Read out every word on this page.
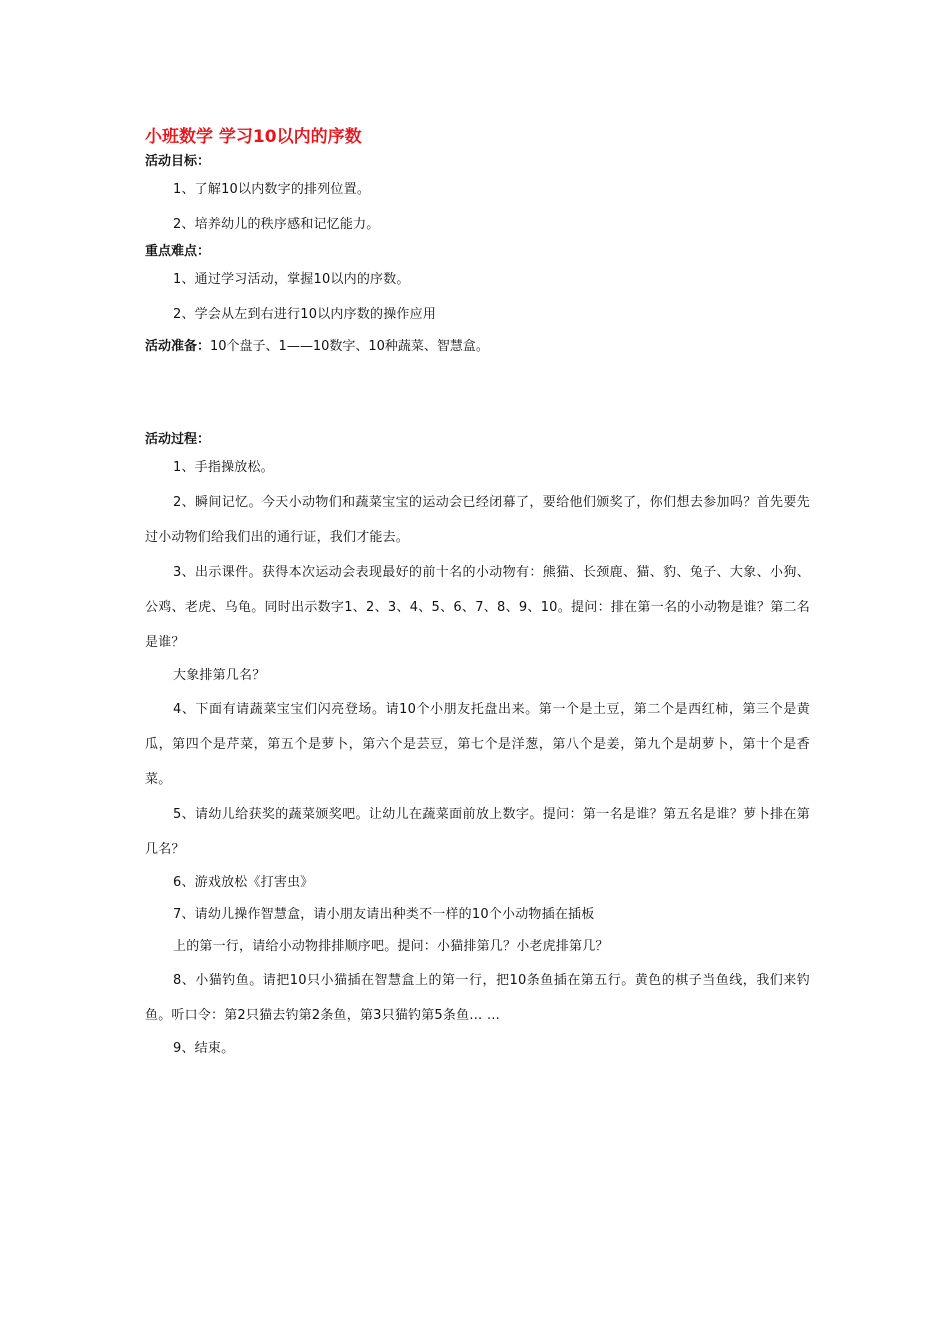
小班数学 学习10以内的序数

活动目标：

1、了解10以内数字的排列位置。

2、培养幼儿的秩序感和记忆能力。

重点难点：

1、通过学习活动，掌握10以内的序数。

2、学会从左到右进行10以内序数的操作应用

活动准备：10个盘子、1——10数字、10种蔬菜、智慧盒。

活动过程：

1、手指操放松。

2、瞬间记忆。今天小动物们和蔬菜宝宝的运动会已经闭幕了，要给他们颁奖了，你们想去参加吗？首先要先过小动物们给我们出的通行证，我们才能去。

3、出示课件。获得本次运动会表现最好的前十名的小动物有：熊猫、长颈鹿、猫、豹、兔子、大象、小狗、公鸡、老虎、乌龟。同时出示数字1、2、3、4、5、6、7、8、9、10。提问：排在第一名的小动物是谁？第二名是谁？

大象排第几名？

4、下面有请蔬菜宝宝们闪亮登场。请10个小朋友托盘出来。第一个是土豆，第二个是西红柿，第三个是黄瓜，第四个是芹菜，第五个是萝卜，第六个是芸豆，第七个是洋葱，第八个是姜，第九个是胡萝卜，第十个是香菜。

5、请幼儿给获奖的蔬菜颁奖吧。让幼儿在蔬菜面前放上数字。提问：第一名是谁？第五名是谁？萝卜排在第几名？

6、游戏放松《打害虫》

7、请幼儿操作智慧盒，请小朋友请出种类不一样的10个小动物插在插板

上的第一行，请给小动物排排顺序吧。提问：小猫排第几？小老虎排第几？

8、小猫钓鱼。请把10只小猫插在智慧盒上的第一行，把10条鱼插在第五行。黄色的棋子当鱼线，我们来钓鱼。听口令：第2只猫去钓第2条鱼，第3只猫钓第5条鱼… …

9、结束。
